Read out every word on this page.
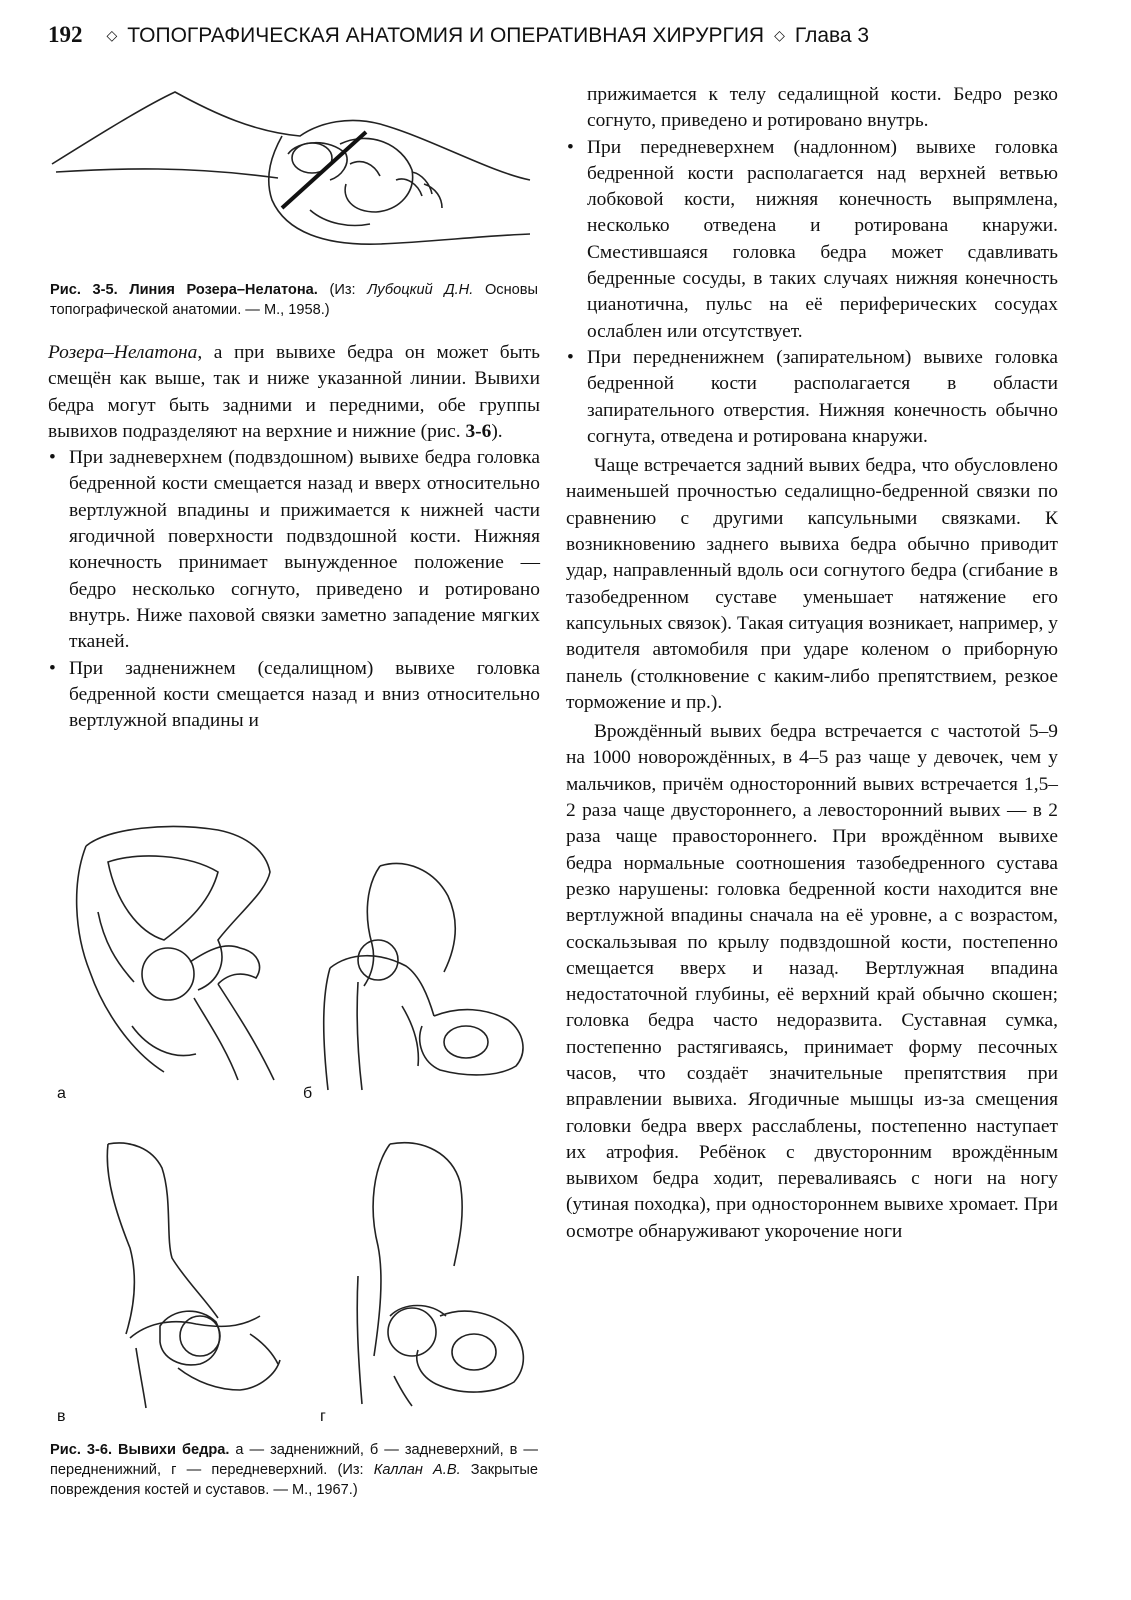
192 ◇ ТОПОГРАФИЧЕСКАЯ АНАТОМИЯ И ОПЕРАТИВНАЯ ХИРУРГИЯ ◇ Глава 3
Рис. 3-5. Линия Розера–Нелатона. (Из: Лубоцкий Д.Н. Основы топографической анатомии. — М., 1958.)

Розера–Нелатона, а при вывихе бедра он может быть смещён как выше, так и ниже указанной линии. Вывихи бедра могут быть задними и передними, обе группы вывихов подразделяют на верхние и нижние (рис. 3-6).

• При задневерхнем (подвздошном) вывихе бедра головка бедренной кости смещается назад и вверх относительно вертлужной впадины и прижимается к нижней части ягодичной поверхности подвздошной кости. Нижняя конечность принимает вынужденное положение — бедро несколько согнуто, приведено и ротировано внутрь. Ниже паховой связки заметно западение мягких тканей.
• При задненижнем (седалищном) вывихе головка бедренной кости смещается назад и вниз относительно вертлужной впадины и
а	б
в	г
Рис. 3-6. Вывихи бедра. а — задненижний, б — задневерхний, в — передненижний, г — передневерхний. (Из: Каллан А.В. Закрытые повреждения костей и суставов. — М., 1967.)

прижимается к телу седалищной кости. Бедро резко согнуто, приведено и ротировано внутрь.

• При передневерхнем (надлонном) вывихе головка бедренной кости располагается над верхней ветвью лобковой кости, нижняя конечность выпрямлена, несколько отведена и ротирована кнаружи. Сместившаяся головка бедра может сдавливать бедренные сосуды, в таких случаях нижняя конечность цианотична, пульс на её периферических сосудах ослаблен или отсутствует.
• При передненижнем (запирательном) вывихе головка бедренной кости располагается в области запирательного отверстия. Нижняя конечность обычно согнута, отведена и ротирована кнаружи.

Чаще встречается задний вывих бедра, что обусловлено наименьшей прочностью седалищно-бедренной связки по сравнению с другими капсульными связками. К возникновению заднего вывиха бедра обычно приводит удар, направленный вдоль оси согнутого бедра (сгибание в тазобедренном суставе уменьшает натяжение его капсульных связок). Такая ситуация возникает, например, у водителя автомобиля при ударе коленом о приборную панель (столкновение с каким-либо препятствием, резкое торможение и пр.).

Врождённый вывих бедра встречается с частотой 5–9 на 1000 новорождённых, в 4–5 раз чаще у девочек, чем у мальчиков, причём односторонний вывих встречается 1,5–2 раза чаще двустороннего, а левосторонний вывих — в 2 раза чаще правостороннего. При врождённом вывихе бедра нормальные соотношения тазобедренного сустава резко нарушены: головка бедренной кости находится вне вертлужной впадины сначала на её уровне, а с возрастом, соскальзывая по крылу подвздошной кости, постепенно смещается вверх и назад. Вертлужная впадина недостаточной глубины, её верхний край обычно скошен; головка бедра часто недоразвита. Суставная сумка, постепенно растягиваясь, принимает форму песочных часов, что создаёт значительные препятствия при вправлении вывиха. Ягодичные мышцы из-за смещения головки бедра вверх расслаблены, постепенно наступает их атрофия. Ребёнок с двусторонним врождённым вывихом бедра ходит, переваливаясь с ноги на ногу (утиная походка), при одностороннем вывихе хромает. При осмотре обнаруживают укорочение ноги
